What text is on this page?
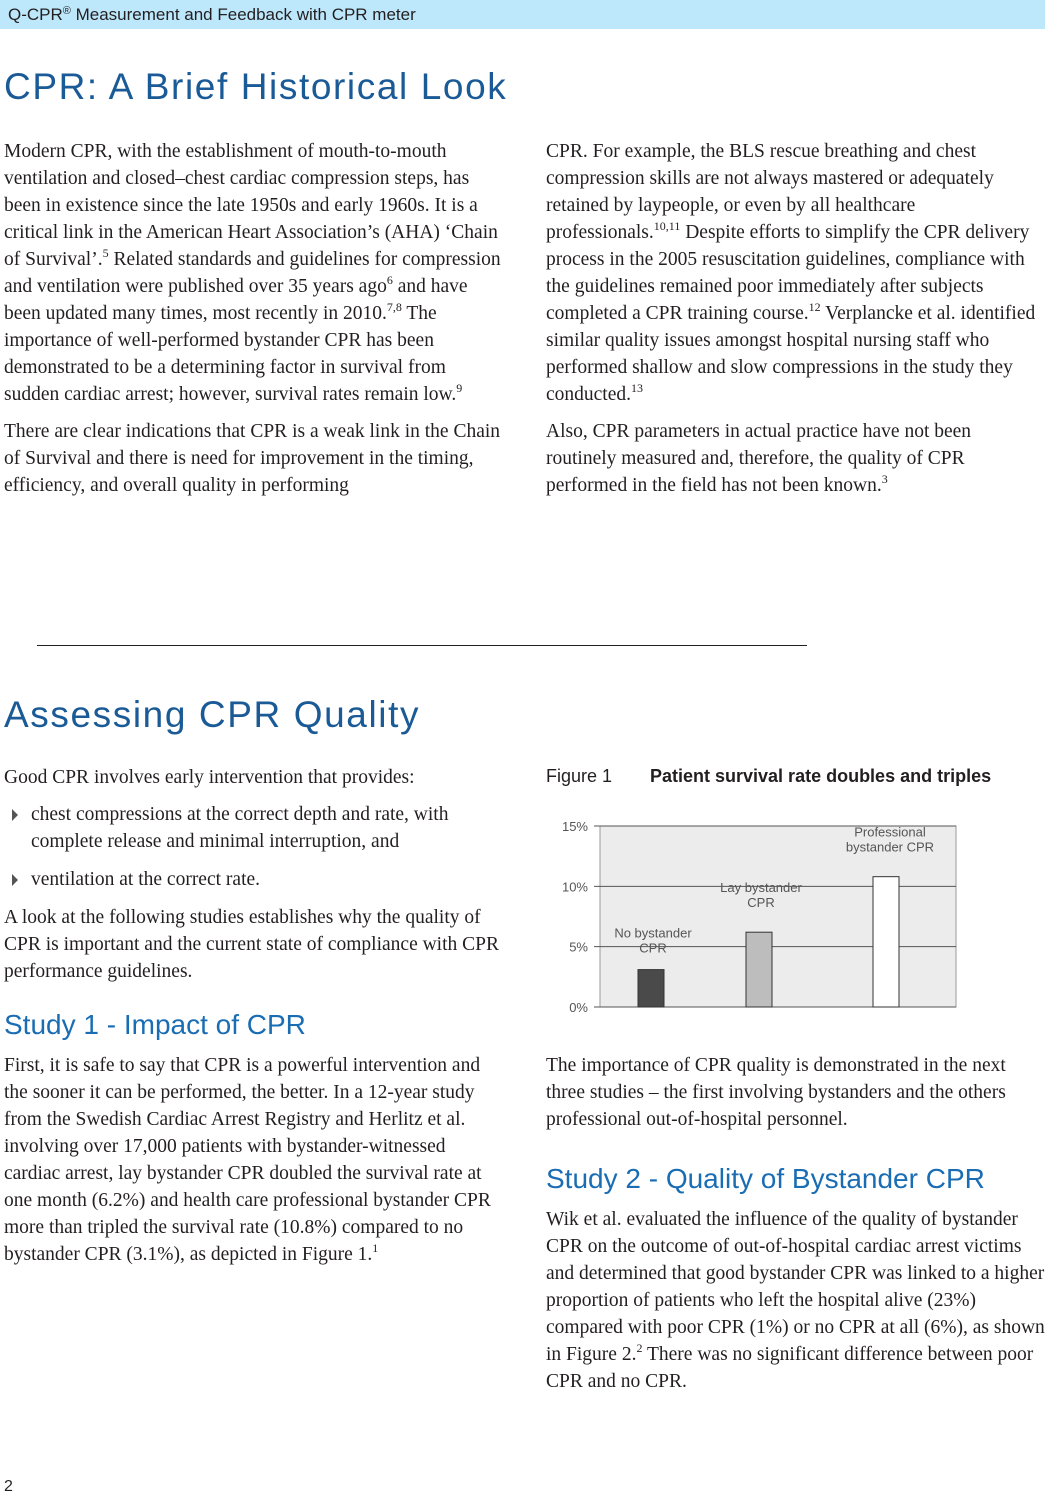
Q-CPR® Measurement and Feedback with CPR meter
CPR: A Brief Historical Look

Modern CPR, with the establishment of mouth-to-mouth ventilation and closed–chest cardiac compression steps, has been in existence since the late 1950s and early 1960s. It is a critical link in the American Heart Association’s (AHA) ‘Chain of Survival’.$^5$ Related standards and guidelines for compression and ventilation were published over 35 years ago$^6$ and have been updated many times, most recently in 2010.$^{7,8}$ The importance of well-performed bystander CPR has been demonstrated to be a determining factor in survival from sudden cardiac arrest; however, survival rates remain low.$^9$

There are clear indications that CPR is a weak link in the Chain of Survival and there is need for improvement in the timing, efficiency, and overall quality in performing

CPR. For example, the BLS rescue breathing and chest compression skills are not always mastered or adequately retained by laypeople, or even by all healthcare professionals.$^{10,11}$ Despite efforts to simplify the CPR delivery process in the 2005 resuscitation guidelines, compliance with the guidelines remained poor immediately after subjects completed a CPR training course.$^{12}$ Verplancke et al. identified similar quality issues amongst hospital nursing staff who performed shallow and slow compressions in the study they conducted.$^{13}$

Also, CPR parameters in actual practice have not been routinely measured and, therefore, the quality of CPR performed in the field has not been known.$^3$

Assessing CPR Quality

Good CPR involves early intervention that provides:

chest compressions at the correct depth and rate, with complete release and minimal interruption, and
ventilation at the correct rate.

A look at the following studies establishes why the quality of CPR is important and the current state of compliance with CPR performance guidelines.

Study 1 - Impact of CPR

First, it is safe to say that CPR is a powerful intervention and the sooner it can be performed, the better. In a 12-year study from the Swedish Cardiac Arrest Registry and Herlitz et al. involving over 17,000 patients with bystander-witnessed cardiac arrest, lay bystander CPR doubled the survival rate at one month (6.2%) and health care professional bystander CPR more than tripled the survival rate (10.8%) compared to no bystander CPR (3.1%), as depicted in Figure 1.$^1$

Figure 1 Patient survival rate doubles and triples
0%
5%
10%
15%
No bystander
CPR
Lay bystander
CPR
Professional
bystander CPR

The importance of CPR quality is demonstrated in the next three studies – the first involving bystanders and the others professional out-of-hospital personnel.

Study 2 - Quality of Bystander CPR

Wik et al. evaluated the influence of the quality of bystander CPR on the outcome of out-of-hospital cardiac arrest victims and determined that good bystander CPR was linked to a higher proportion of patients who left the hospital alive (23%) compared with poor CPR (1%) or no CPR at all (6%), as shown in Figure 2.$^2$ There was no significant difference between poor CPR and no CPR.

2
